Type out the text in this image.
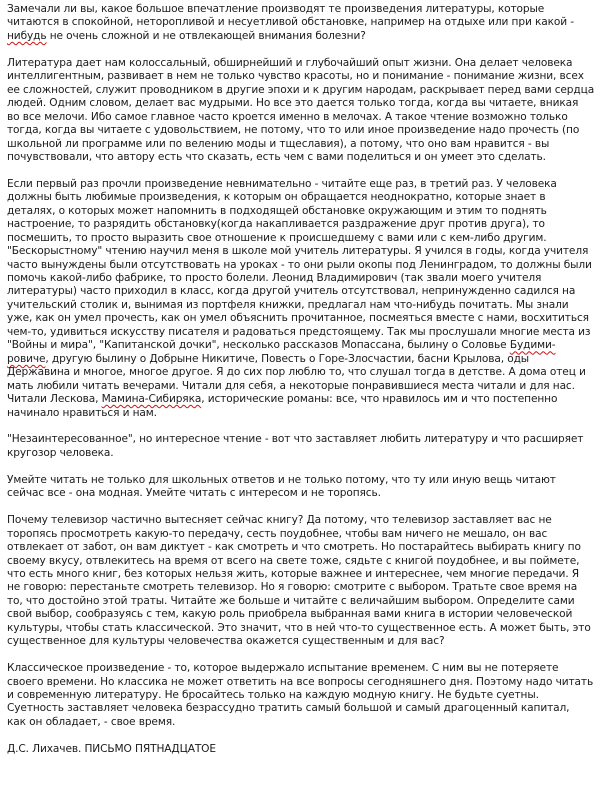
Замечали ли вы, какое большое впечатление производят те произведения литературы, которые
читаются в спокойной, неторопливой и несуетливой обстановке, например на отдыхе или при какой -
нибудь не очень сложной и не отвлекающей внимания болезни?

Литература дает нам колоссальный, обширнейший и глубочайший опыт жизни. Она делает человека
интеллигентным, развивает в нем не только чувство красоты, но и понимание - понимание жизни, всех
ее сложностей, служит проводником в другие эпохи и к другим народам, раскрывает перед вами сердца
людей. Одним словом, делает вас мудрыми. Но все это дается только тогда, когда вы читаете, вникая
во все мелочи. Ибо самое главное часто кроется именно в мелочах. А такое чтение возможно только
тогда, когда вы читаете с удовольствием, не потому, что то или иное произведение надо прочесть (по
школьной ли программе или по велению моды и тщеславия), а потому, что оно вам нравится - вы
почувствовали, что автору есть что сказать, есть чем с вами поделиться и он умеет это сделать.

Если первый раз прочли произведение невнимательно - читайте еще раз, в третий раз. У человека
должны быть любимые произведения, к которым он обращается неоднократно, которые знает в
деталях, о которых может напомнить в подходящей обстановке окружающим и этим то поднять
настроение, то разрядить обстановку(когда накапливается раздражение друг против друга), то
посмешить, то просто выразить свое отношение к происшедшему с вами или с кем-либо другим.
"Бескорыстному" чтению научил меня в школе мой учитель литературы. Я учился в годы, когда учителя
часто вынуждены были отсутствовать на уроках - то они рыли окопы под Ленинградом, то должны были
помочь какой-либо фабрике, то просто болели. Леонид Владимирович (так звали моего учителя
литературы) часто приходил в класс, когда другой учитель отсутствовал, непринужденно садился на
учительский столик и, вынимая из портфеля книжки, предлагал нам что-нибудь почитать. Мы знали
уже, как он умел прочесть, как он умел объяснить прочитанное, посмеяться вместе с нами, восхититься
чем-то, удивиться искусству писателя и радоваться предстоящему. Так мы прослушали многие места из
"Войны и мира", "Капитанской дочки", несколько рассказов Мопассана, былину о Соловье Будими-
ровиче, другую былину о Добрыне Никитиче, Повесть о Горе-Злосчастии, басни Крылова, оды
Державина и многое, многое другое. Я до сих пор люблю то, что слушал тогда в детстве. А дома отец и
мать любили читать вечерами. Читали для себя, а некоторые понравившиеся места читали и для нас.
Читали Лескова, Мамина-Сибиряка, исторические романы: все, что нравилось им и что постепенно
начинало нравиться и нам.

"Незаинтересованное", но интересное чтение - вот что заставляет любить литературу и что расширяет
кругозор человека.

Умейте читать не только для школьных ответов и не только потому, что ту или иную вещь читают
сейчас все - она модная. Умейте читать с интересом и не торопясь.

Почему телевизор частично вытесняет сейчас книгу? Да потому, что телевизор заставляет вас не
торопясь просмотреть какую-то передачу, сесть поудобнее, чтобы вам ничего не мешало, он вас
отвлекает от забот, он вам диктует - как смотреть и что смотреть. Но постарайтесь выбирать книгу по
своему вкусу, отвлекитесь на время от всего на свете тоже, сядьте с книгой поудобнее, и вы поймете,
что есть много книг, без которых нельзя жить, которые важнее и интереснее, чем многие передачи. Я
не говорю: перестаньте смотреть телевизор. Но я говорю: смотрите с выбором. Тратьте свое время на
то, что достойно этой траты. Читайте же больше и читайте с величайшим выбором. Определите сами
свой выбор, сообразуясь с тем, какую роль приобрела выбранная вами книга в истории человеческой
культуры, чтобы стать классической. Это значит, что в ней что-то существенное есть. А может быть, это
существенное для культуры человечества окажется существенным и для вас?

Классическое произведение - то, которое выдержало испытание временем. С ним вы не потеряете
своего времени. Но классика не может ответить на все вопросы сегодняшнего дня. Поэтому надо читать
и современную литературу. Не бросайтесь только на каждую модную книгу. Не будьте суетны.
Суетность заставляет человека безрассудно тратить самый большой и самый драгоценный капитал,
как он обладает, - свое время.

Д.С. Лихачев. ПИСЬМО ПЯТНАДЦАТОЕ
